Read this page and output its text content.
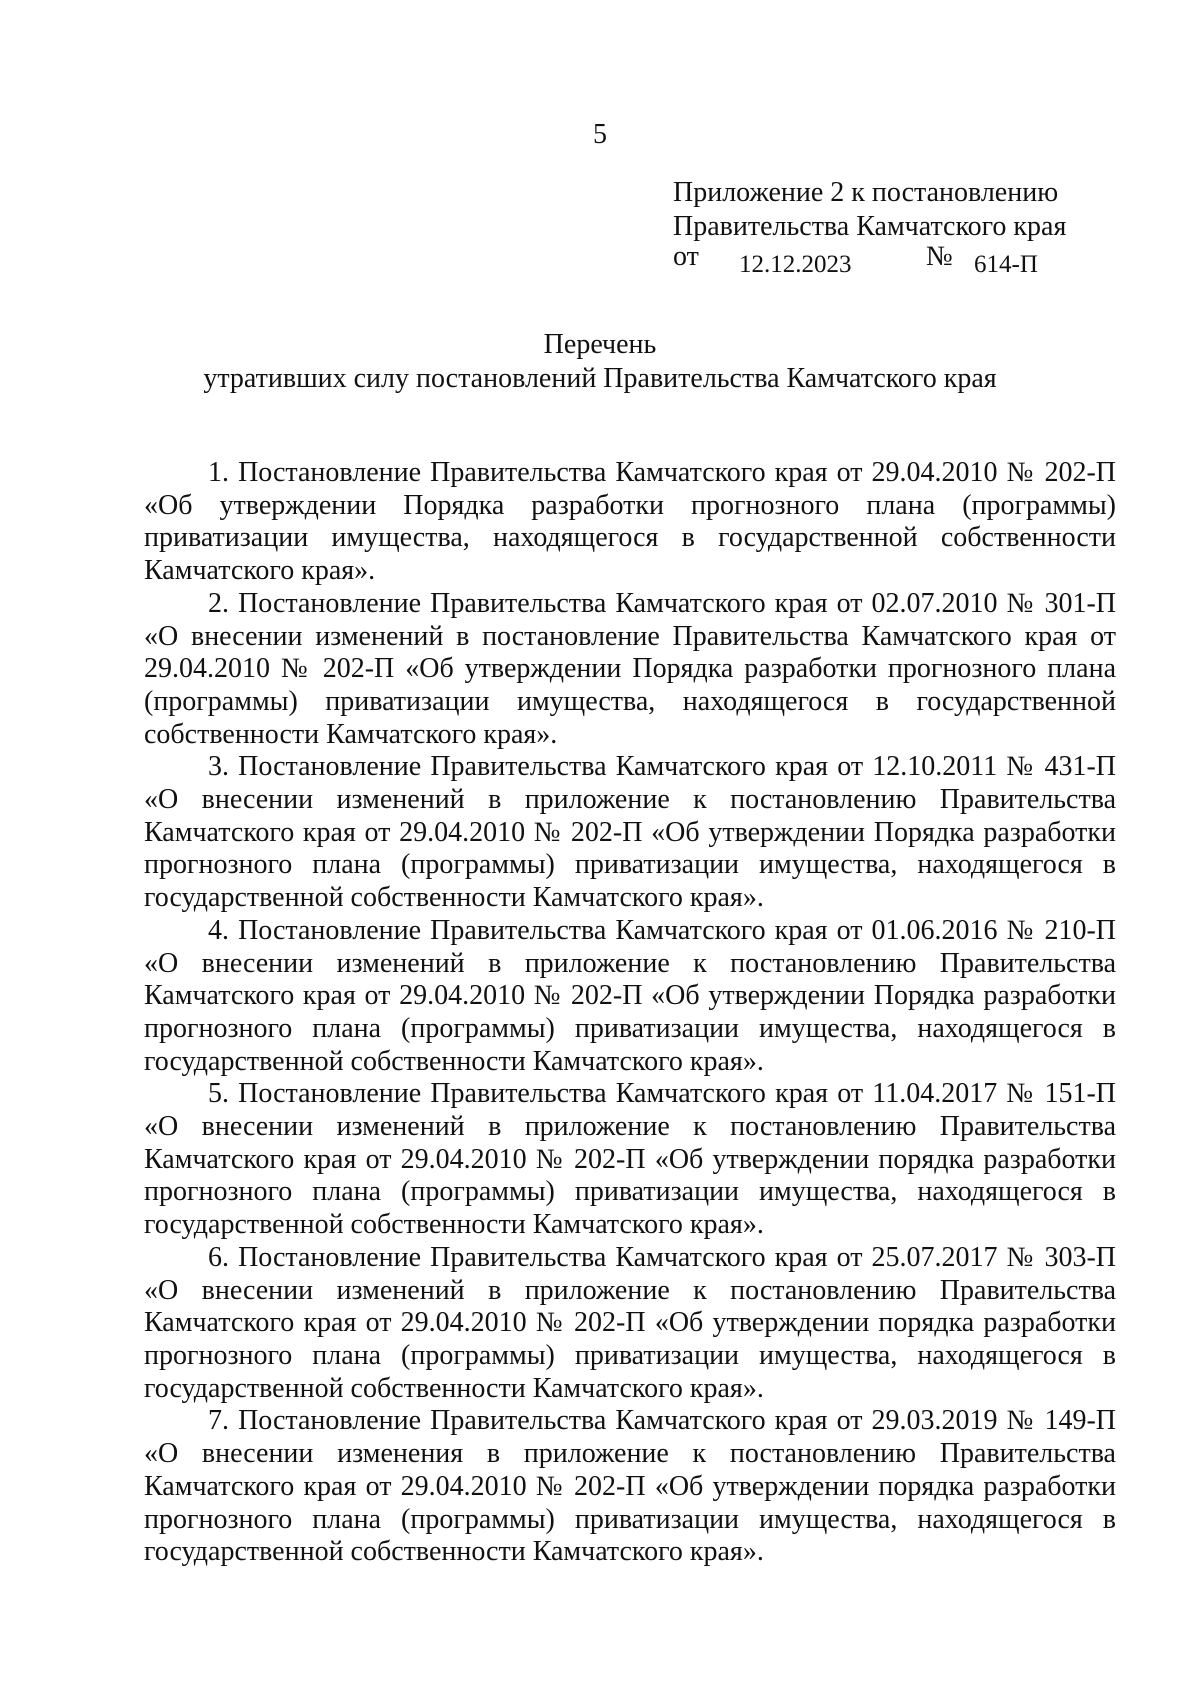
5
Приложение 2 к постановлению
Правительства Камчатского края
от 12.12.2023	№ 614-П
Перечень
утративших силу постановлений Правительства Камчатского края

1. Постановление Правительства Камчатского края от 29.04.2010 № 202-П «Об утверждении Порядка разработки прогнозного плана (программы) приватизации имущества, находящегося в государственной собственности Камчатского края».

2. Постановление Правительства Камчатского края от 02.07.2010 № 301-П «О внесении изменений в постановление Правительства Камчатского края от 29.04.2010 № 202-П «Об утверждении Порядка разработки прогнозного плана (программы) приватизации имущества, находящегося в государственной собственности Камчатского края».

3. Постановление Правительства Камчатского края от 12.10.2011 № 431-П «О внесении изменений в приложение к постановлению Правительства Камчатского края от 29.04.2010 № 202-П «Об утверждении Порядка разработки прогнозного плана (программы) приватизации имущества, находящегося в государственной собственности Камчатского края».

4. Постановление Правительства Камчатского края от 01.06.2016 № 210-П «О внесении изменений в приложение к постановлению Правительства Камчатского края от 29.04.2010 № 202-П «Об утверждении Порядка разработки прогнозного плана (программы) приватизации имущества, находящегося в государственной собственности Камчатского края».

5. Постановление Правительства Камчатского края от 11.04.2017 № 151-П «О внесении изменений в приложение к постановлению Правительства Камчатского края от 29.04.2010 № 202-П «Об утверждении порядка разработки прогнозного плана (программы) приватизации имущества, находящегося в государственной собственности Камчатского края».

6. Постановление Правительства Камчатского края от 25.07.2017 № 303-П «О внесении изменений в приложение к постановлению Правительства Камчатского края от 29.04.2010 № 202-П «Об утверждении порядка разработки прогнозного плана (программы) приватизации имущества, находящегося в государственной собственности Камчатского края».

7. Постановление Правительства Камчатского края от 29.03.2019 № 149-П «О внесении изменения в приложение к постановлению Правительства Камчатского края от 29.04.2010 № 202-П «Об утверждении порядка разработки прогнозного плана (программы) приватизации имущества, находящегося в государственной собственности Камчатского края».
